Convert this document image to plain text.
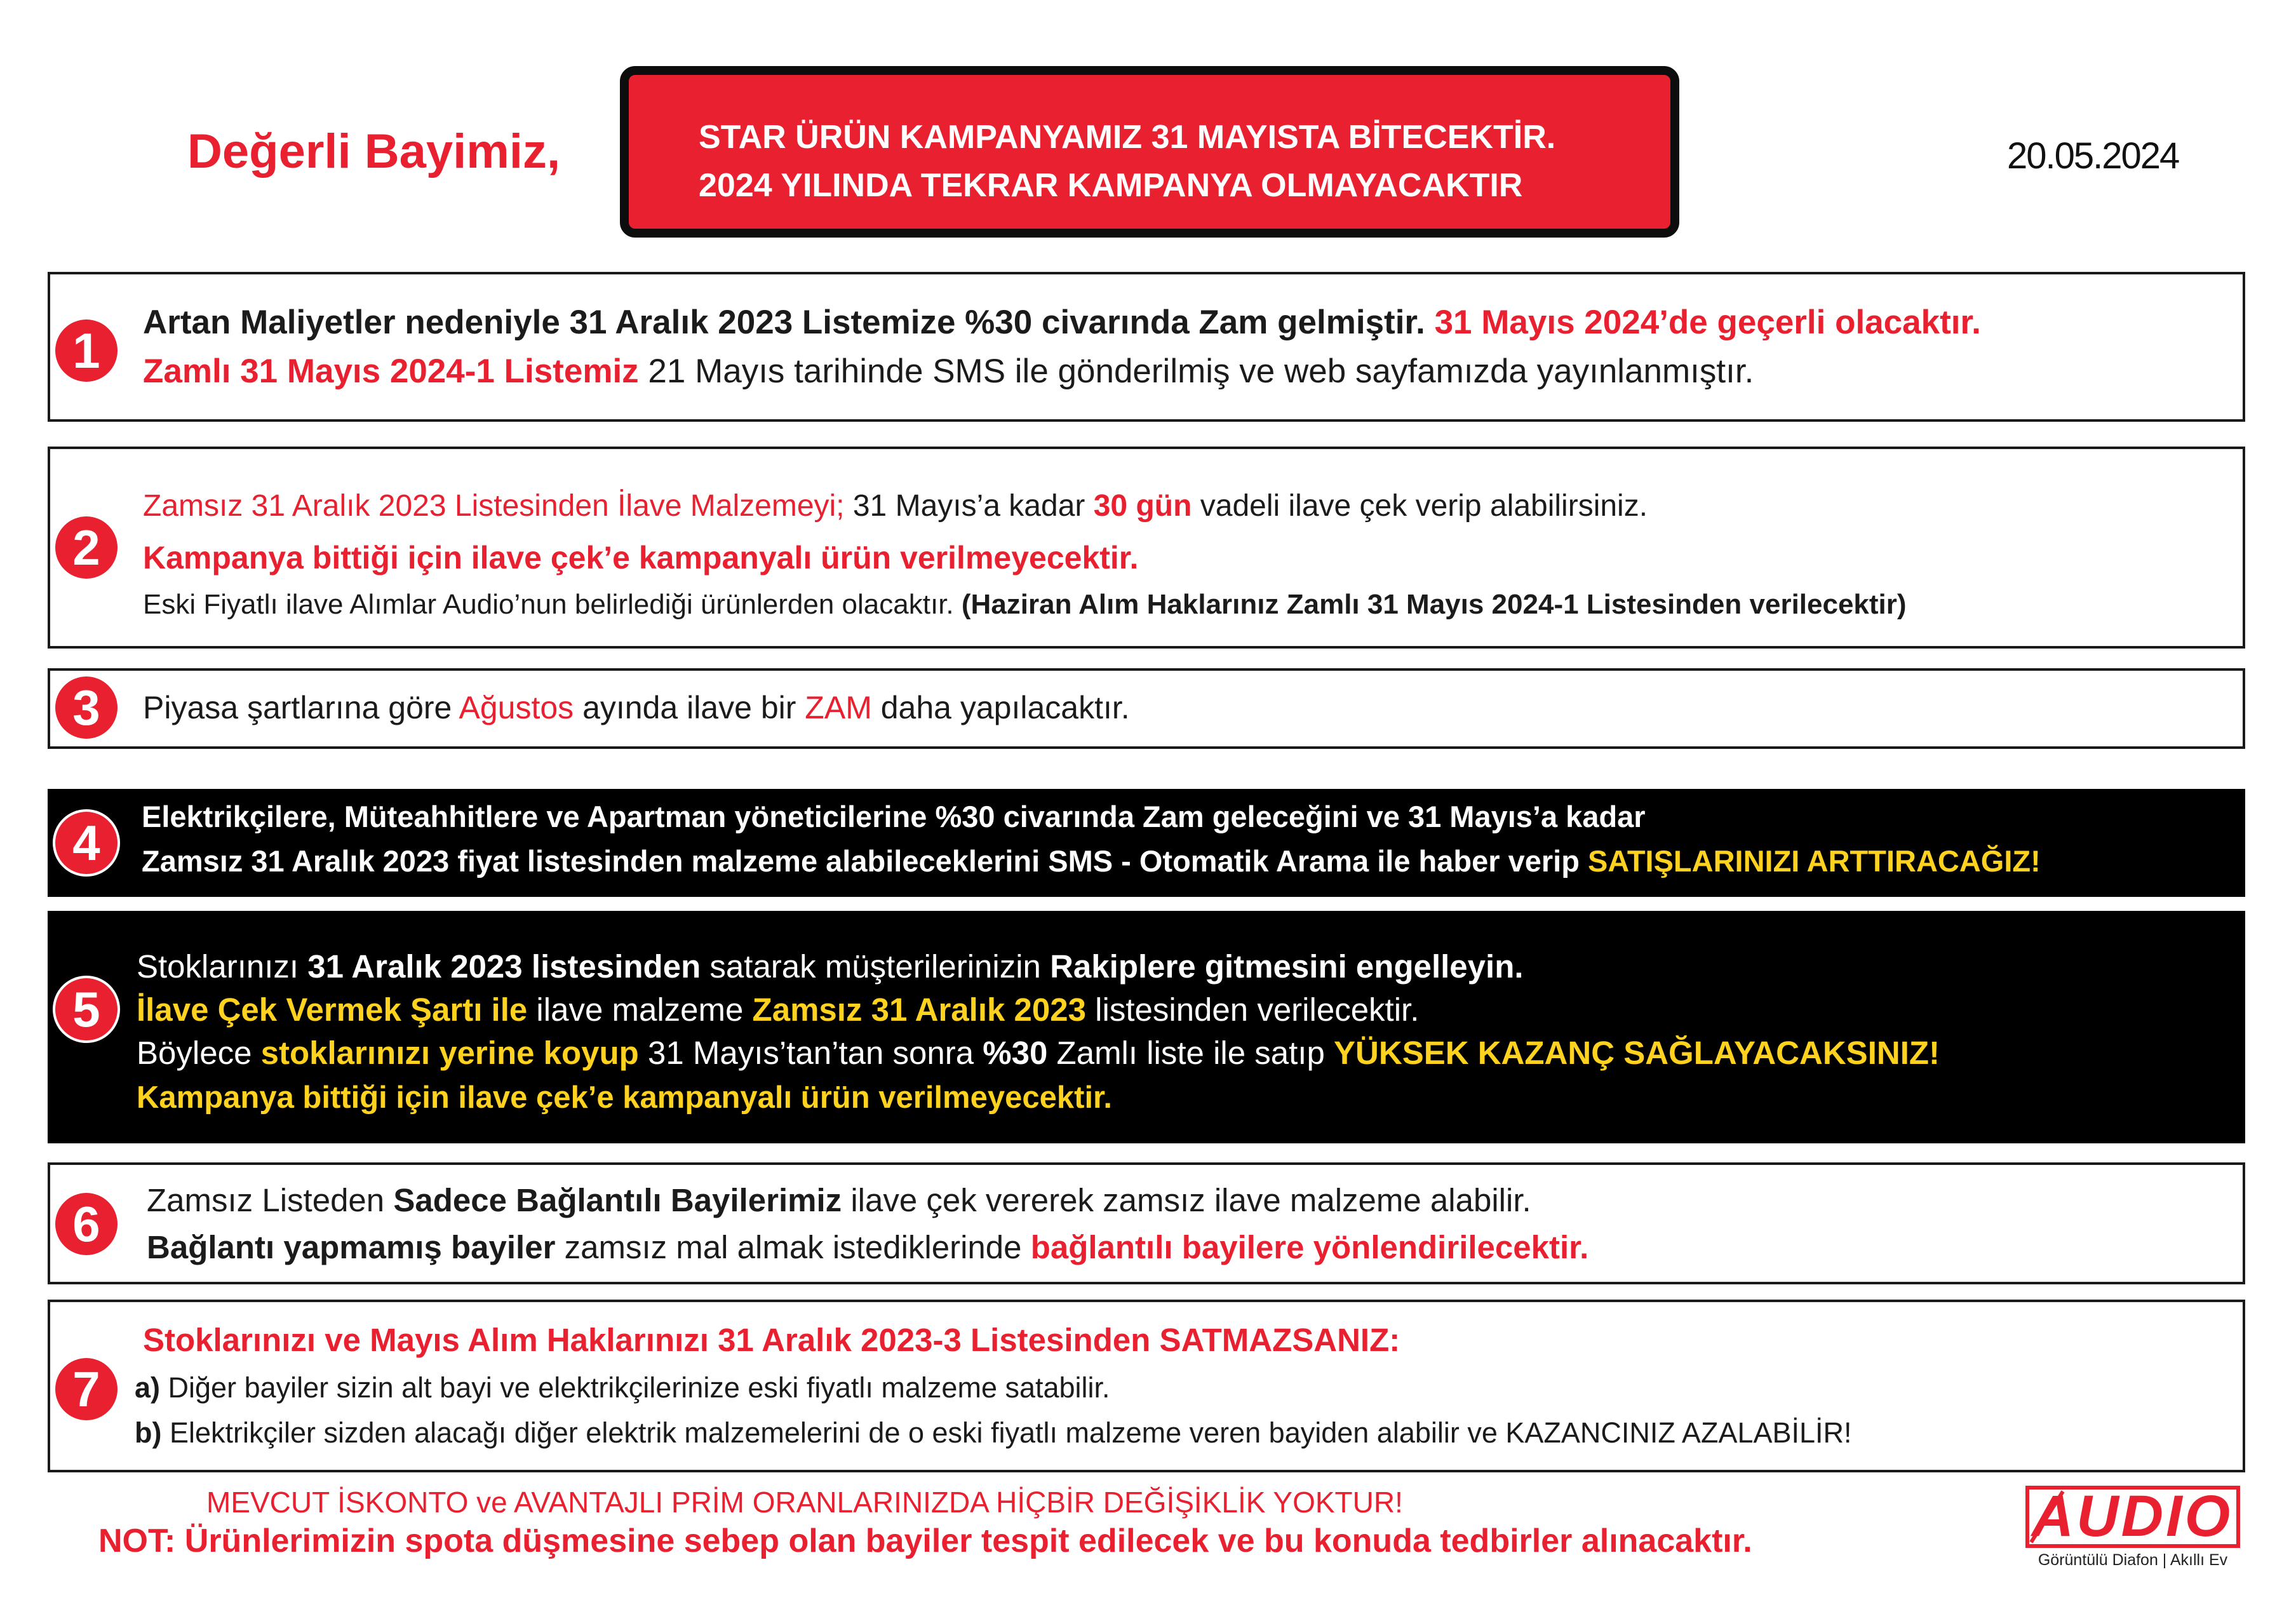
Değerli Bayimiz,	STAR ÜRÜN KAMPANYAMIZ 31 MAYISTA BİTECEKTİR.
2024 YILINDA TEKRAR KAMPANYA OLMAYACAKTIR
20.05.2024
1
Artan Maliyetler nedeniyle 31 Aralık 2023 Listemize %30 civarında Zam gelmiştir. 31 Mayıs 2024’de geçerli olacaktır.
Zamlı 31 Mayıs 2024-1 Listemiz 21 Mayıs tarihinde SMS ile gönderilmiş ve web sayfamızda yayınlanmıştır.
2
Zamsız 31 Aralık 2023 Listesinden İlave Malzemeyi; 31 Mayıs’a kadar 30 gün vadeli ilave çek verip alabilirsiniz.
Kampanya bittiği için ilave çek’e kampanyalı ürün verilmeyecektir.
Eski Fiyatlı ilave Alımlar Audio’nun belirlediği ürünlerden olacaktır. (Haziran Alım Haklarınız Zamlı 31 Mayıs 2024-1 Listesinden verilecektir)
3	Piyasa şartlarına göre Ağustos ayında ilave bir ZAM daha yapılacaktır.
4	Elektrikçilere, Müteahhitlere ve Apartman yöneticilerine %30 civarında Zam geleceğini ve 31 Mayıs’a kadar
Zamsız 31 Aralık 2023 fiyat listesinden malzeme alabileceklerini SMS - Otomatik Arama ile haber verip SATIŞLARINIZI ARTTIRACAĞIZ!
5
Stoklarınızı 31 Aralık 2023 listesinden satarak müşterilerinizin Rakiplere gitmesini engelleyin.
İlave Çek Vermek Şartı ile ilave malzeme Zamsız 31 Aralık 2023 listesinden verilecektir.
Böylece stoklarınızı yerine koyup 31 Mayıs’tan’tan sonra %30 Zamlı liste ile satıp YÜKSEK KAZANÇ SAĞLAYACAKSINIZ!
Kampanya bittiği için ilave çek’e kampanyalı ürün verilmeyecektir.
6	Zamsız Listeden Sadece Bağlantılı Bayilerimiz ilave çek vererek zamsız ilave malzeme alabilir.
Bağlantı yapmamış bayiler zamsız mal almak istediklerinde bağlantılı bayilere yönlendirilecektir.
7
Stoklarınızı ve Mayıs Alım Haklarınızı 31 Aralık 2023-3 Listesinden SATMAZSANIZ:
a) Diğer bayiler sizin alt bayi ve elektrikçilerinize eski fiyatlı malzeme satabilir.
b) Elektrikçiler sizden alacağı diğer elektrik malzemelerini de o eski fiyatlı malzeme veren bayiden alabilir ve KAZANCINIZ AZALABİLİR!
MEVCUT İSKONTO ve AVANTAJLI PRİM ORANLARINIZDA HİÇBİR DEĞİŞİKLİK YOKTUR!
NOT: Ürünlerimizin spota düşmesine sebep olan bayiler tespit edilecek ve bu konuda tedbirler alınacaktır.	AUDIO
Görüntülü Diafon | Akıllı Ev
